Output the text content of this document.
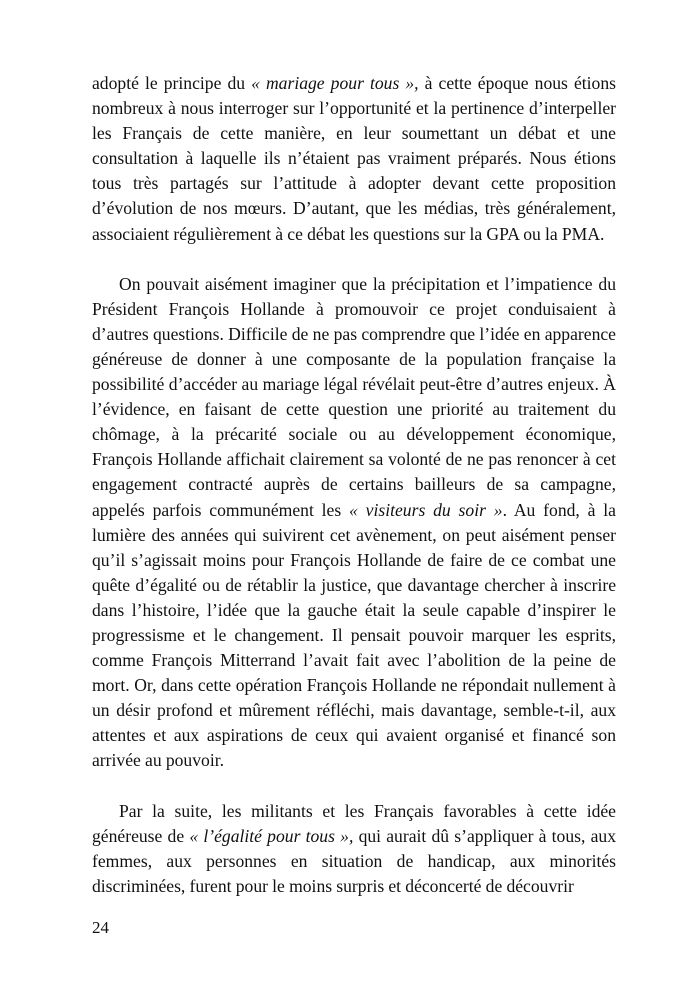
adopté le principe du « mariage pour tous », à cette époque nous étions nombreux à nous interroger sur l’opportunité et la pertinence d’interpeller les Français de cette manière, en leur soumettant un débat et une consultation à laquelle ils n’étaient pas vraiment préparés. Nous étions tous très partagés sur l’attitude à adopter devant cette proposition d’évolution de nos mœurs. D’autant, que les médias, très généralement, associaient régulièrement à ce débat les questions sur la GPA ou la PMA.

On pouvait aisément imaginer que la précipitation et l’impatience du Président François Hollande à promouvoir ce projet conduisaient à d’autres questions. Difficile de ne pas comprendre que l’idée en apparence généreuse de donner à une composante de la population française la possibilité d’accéder au mariage légal révélait peut-être d’autres enjeux. À l’évidence, en faisant de cette question une priorité au traitement du chômage, à la précarité sociale ou au développement économique, François Hollande affichait clairement sa volonté de ne pas renoncer à cet engagement contracté auprès de certains bailleurs de sa campagne, appelés parfois communément les « visiteurs du soir ». Au fond, à la lumière des années qui suivirent cet avènement, on peut aisément penser qu’il s’agissait moins pour François Hollande de faire de ce combat une quête d’égalité ou de rétablir la justice, que davantage chercher à inscrire dans l’histoire, l’idée que la gauche était la seule capable d’inspirer le progressisme et le changement. Il pensait pouvoir marquer les esprits, comme François Mitterrand l’avait fait avec l’abolition de la peine de mort. Or, dans cette opération François Hollande ne répondait nullement à un désir profond et mûrement réfléchi, mais davantage, semble-t-il, aux attentes et aux aspirations de ceux qui avaient organisé et financé son arrivée au pouvoir.

Par la suite, les militants et les Français favorables à cette idée généreuse de « l’égalité pour tous », qui aurait dû s’appliquer à tous, aux femmes, aux personnes en situation de handicap, aux minorités discriminées, furent pour le moins surpris et déconcerté de découvrir

24
